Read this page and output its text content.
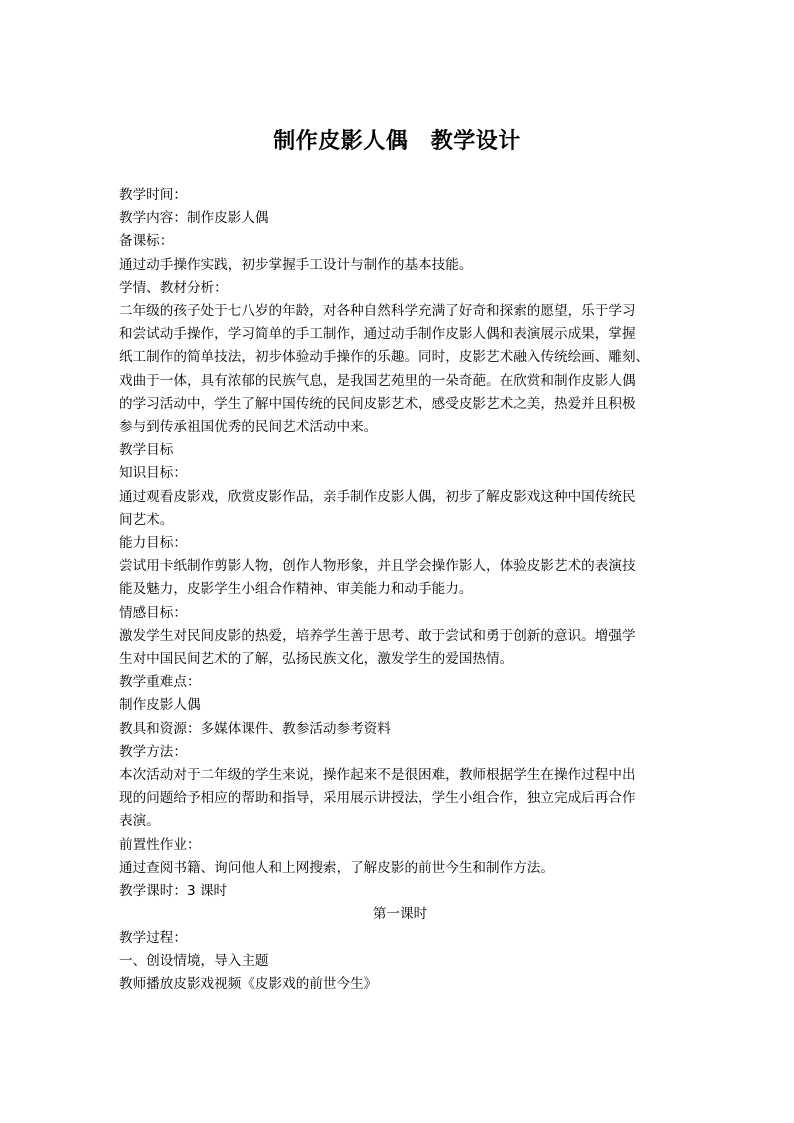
制作皮影人偶　教学设计
教学时间：
教学内容：制作皮影人偶
备课标：
通过动手操作实践，初步掌握手工设计与制作的基本技能。
学情、教材分析：
二年级的孩子处于七八岁的年龄，对各种自然科学充满了好奇和探索的愿望，乐于学习
和尝试动手操作，学习简单的手工制作，通过动手制作皮影人偶和表演展示成果，掌握
纸工制作的简单技法，初步体验动手操作的乐趣。同时，皮影艺术融入传统绘画、雕刻、
戏曲于一体，具有浓郁的民族气息，是我国艺苑里的一朵奇葩。在欣赏和制作皮影人偶
的学习活动中，学生了解中国传统的民间皮影艺术，感受皮影艺术之美，热爱并且积极
参与到传承祖国优秀的民间艺术活动中来。
教学目标
知识目标：
通过观看皮影戏，欣赏皮影作品，亲手制作皮影人偶，初步了解皮影戏这种中国传统民
间艺术。
能力目标：
尝试用卡纸制作剪影人物，创作人物形象，并且学会操作影人，体验皮影艺术的表演技
能及魅力，皮影学生小组合作精神、审美能力和动手能力。
情感目标：
激发学生对民间皮影的热爱，培养学生善于思考、敢于尝试和勇于创新的意识。增强学
生对中国民间艺术的了解，弘扬民族文化，激发学生的爱国热情。
教学重难点：
制作皮影人偶
教具和资源：多媒体课件、教参活动参考资料
教学方法：
本次活动对于二年级的学生来说，操作起来不是很困难，教师根据学生在操作过程中出
现的问题给予相应的帮助和指导，采用展示讲授法，学生小组合作，独立完成后再合作
表演。
前置性作业：
通过查阅书籍、询问他人和上网搜索，了解皮影的前世今生和制作方法。
教学课时：3 课时
第一课时
教学过程：
一、创设情境，导入主题
教师播放皮影戏视频《皮影戏的前世今生》
